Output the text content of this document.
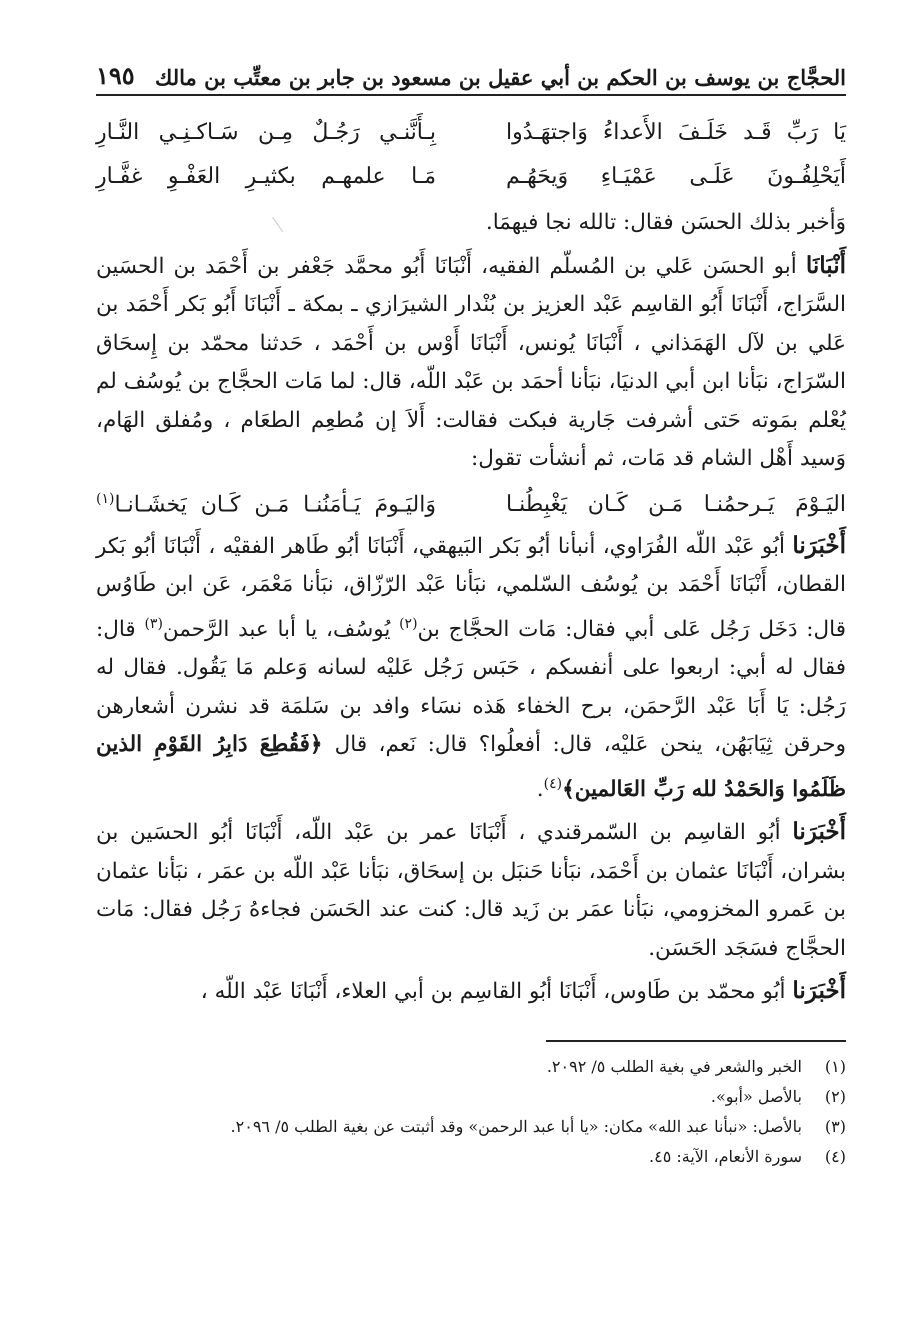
الحجَّاج بن يوسف بن الحكم بن أبي عقيل بن مسعود بن جابر بن معتِّب بن مالك
١٩٥
يَا رَبِّ قَـد خَلَـفَ الأَعداءُ وَاجتهَـدُوا
بِـأَنَّنـي رَجُـلٌ مِـن سَـاكـنِـي النَّـارِ
أَيَحْلِفُـونَ عَلَـى عَمْيَـاءِ وَيحَهُـم
مَـا علمهـم بكثيـرِ العَفْـوِ غفَّـارِ

وَأخبر بذلك الحسَن فقال: تالله نجا فيهمَا.

أَنْبَانَا أبو الحسَن عَلي بن المُسلّم الفقيه، أَنْبَانَا أَبُو محمَّد جَعْفر بن أَحْمَد بن الحسَين السَّرَاج، أَنْبَانَا أَبُو القاسِم عَبْد العزيز بن بُنْدار الشيرَازي ـ بمكة ـ أَنْبَانَا أَبُو بَكر أَحْمَد بن عَلي بن لآل الهَمَذاني ، أَنْبَانَا يُونس، أَنْبَانَا أَوْس بن أَحْمَد ، حَدثنا محمّد بن إِسحَاق السّرَاج، نبَأنا ابن أبي الدنيَا، نبَأنا أحمَد بن عَبْد اللّه، قال: لما مَات الحجَّاج بن يُوسُف لم يُعْلم بمَوته حَتى أشرفت جَارية فبكت فقالت: أَلاَ إن مُطعِم الطعَام ، ومُفلق الهَام، وَسيد أَهْل الشام قد مَات، ثم أنشأت تقول:

اليَـوْمَ يَـرحمُنـا مَـن كَـان يَغْبِطُنـا
وَاليَـومَ يَـأمَنُنـا مَـن كَـان يَخشَـانـا$^{(١)}$

أَخْبَرَنا أبُو عَبْد اللّه الفُرَاوي، أنبأنا أبُو بَكر البَيهقي، أَنْبَانَا أبُو طَاهر الفقيْه ، أَنْبَانَا أبُو بَكر القطان، أَنْبَانَا أَحْمَد بن يُوسُف السّلمي، نبَأنا عَبْد الرّزّاق، نبَأنا مَعْمَر، عَن ابن طَاوُس قال: دَخَل رَجُل عَلى أبي فقال: مَات الحجَّاج بن$^{(٢)}$ يُوسُف، يا أبا عبد الرَّحمن$^{(٣)}$ قال: فقال له أبي: اربعوا على أنفسكم ، حَبَس رَجُل عَليْه لسانه وَعلم مَا يَقُول. فقال له رَجُل: يَا أَبَا عَبْد الرَّحمَن، برح الخفاء هَذه نسَاء وافد بن سَلمَة قد نشرن أشعارهن وحرقن ثِيَابَهُن، ينحن عَليْه، قال: أفعلُوا؟ قال: نَعم، قال ﴿فَقُطِعَ دَابِرُ القَوْمِ الذين ظَلَمُوا وَالحَمْدُ لله رَبِّ العَالمين﴾$^{(٤)}$.

أَخْبَرَنا أبُو القاسِم بن السّمرقندي ، أَنْبَانَا عمر بن عَبْد اللّه، أَنْبَانَا أبُو الحسَين بن بشران، أَنْبَانَا عثمان بن أَحْمَد، نبَأنا حَنبَل بن إسحَاق، نبَأنا عَبْد اللّه بن عمَر ، نبَأنا عثمان بن عَمرو المخزومي، نبَأنا عمَر بن زَيد قال: كنت عند الحَسَن فجاءهُ رَجُل فقال: مَات الحجَّاج فسَجَد الحَسَن.

أَخْبَرَنا أبُو محمّد بن طَاوس، أَنْبَانَا أبُو القاسِم بن أبي العلاء، أَنْبَانَا عَبْد اللّه ،

(١)
الخبر والشعر في بغية الطلب ٥/ ٢٠٩٢.
(٢)
بالأصل «أبو».
(٣)
بالأصل: «نبأنا عبد الله» مكان: «يا أبا عبد الرحمن» وقد أثبتت عن بغية الطلب ٥/ ٢٠٩٦.
(٤)
سورة الأنعام، الآية: ٤٥.
